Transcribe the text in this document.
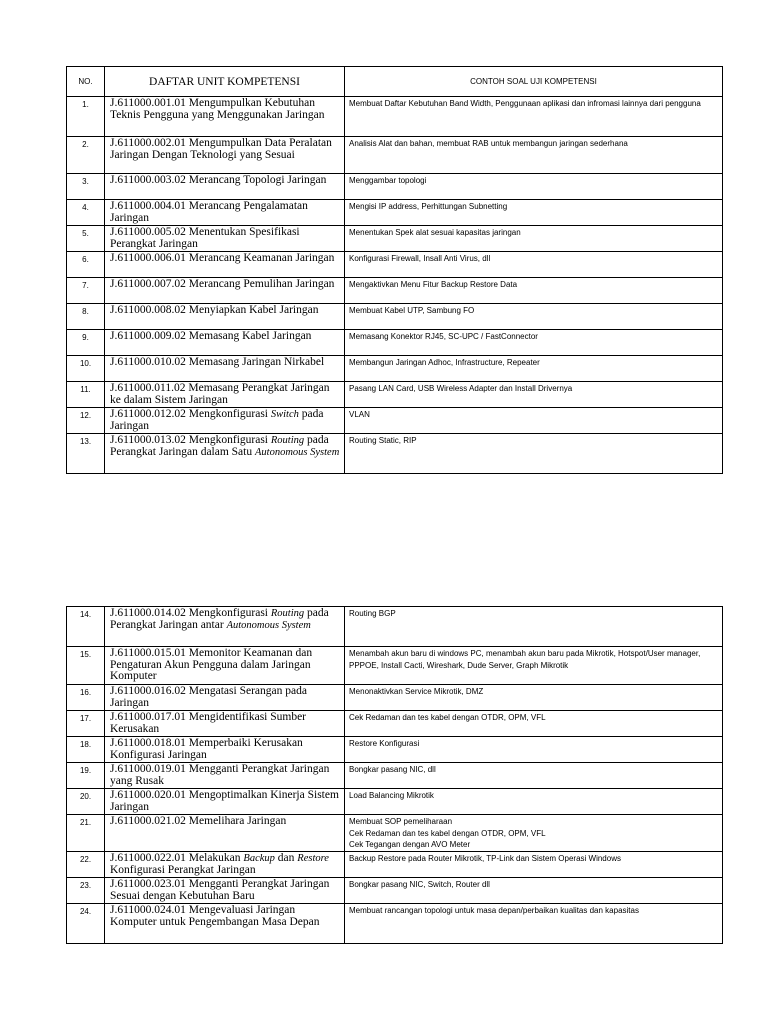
NO.	DAFTAR UNIT KOMPETENSI	CONTOH SOAL UJI KOMPETENSI
1.	J.611000.001.01 Mengumpulkan Kebutuhan Teknis Pengguna yang Menggunakan Jaringan	Membuat Daftar Kebutuhan Band Width, Penggunaan aplikasi dan infromasi lainnya dari pengguna
2.	J.611000.002.01 Mengumpulkan Data Peralatan Jaringan Dengan Teknologi yang Sesuai	Analisis Alat dan bahan, membuat RAB untuk membangun jaringan sederhana
3.	J.611000.003.02 Merancang Topologi Jaringan	Menggambar topologi
4.	J.611000.004.01 Merancang Pengalamatan Jaringan	Mengisi IP address, Perhittungan Subnetting
5.	J.611000.005.02 Menentukan Spesifikasi Perangkat Jaringan	Menentukan Spek alat sesuai kapasitas jaringan
6.	J.611000.006.01 Merancang Keamanan Jaringan	Konfigurasi Firewall, Insall Anti Virus, dll
7.	J.611000.007.02 Merancang Pemulihan Jaringan	Mengaktivkan Menu Fitur Backup Restore Data
8.	J.611000.008.02 Menyiapkan Kabel Jaringan	Membuat Kabel UTP, Sambung FO
9.	J.611000.009.02 Memasang Kabel Jaringan	Memasang Konektor RJ45, SC-UPC / FastConnector
10.	J.611000.010.02 Memasang Jaringan Nirkabel	Membangun Jaringan Adhoc, Infrastructure, Repeater
11.	J.611000.011.02 Memasang Perangkat Jaringan ke dalam Sistem Jaringan	Pasang LAN Card, USB Wireless Adapter dan Install Drivernya
12.	J.611000.012.02 Mengkonfigurasi Switch pada Jaringan	VLAN
13.	J.611000.013.02 Mengkonfigurasi Routing pada Perangkat Jaringan dalam Satu Autonomous System	Routing Static, RIP
14.	J.611000.014.02 Mengkonfigurasi Routing pada Perangkat Jaringan antar Autonomous System	Routing BGP
15.	J.611000.015.01 Memonitor Keamanan dan Pengaturan Akun Pengguna dalam Jaringan Komputer	Menambah akun baru di windows PC, menambah akun baru pada Mikrotik, Hotspot/User manager, PPPOE, Install Cacti, Wireshark, Dude Server, Graph Mikrotik
16.	J.611000.016.02 Mengatasi Serangan pada Jaringan	Menonaktivkan Service Mikrotik, DMZ
17.	J.611000.017.01 Mengidentifikasi Sumber Kerusakan	Cek Redaman dan tes kabel dengan OTDR, OPM, VFL
18.	J.611000.018.01 Memperbaiki Kerusakan Konfigurasi Jaringan	Restore Konfigurasi
19.	J.611000.019.01 Mengganti Perangkat Jaringan yang Rusak	Bongkar pasang NIC, dll
20.	J.611000.020.01 Mengoptimalkan Kinerja Sistem Jaringan	Load Balancing Mikrotik
21.	J.611000.021.02 Memelihara Jaringan	Membuat SOP pemeliharaan
Cek Redaman dan tes kabel dengan OTDR, OPM, VFL
Cek Tegangan dengan AVO Meter

22.	J.611000.022.01 Melakukan Backup dan Restore Konfigurasi Perangkat Jaringan	Backup Restore pada Router Mikrotik, TP-Link dan Sistem Operasi Windows
23.	J.611000.023.01 Mengganti Perangkat Jaringan Sesuai dengan Kebutuhan Baru	Bongkar pasang NIC, Switch, Router dll
24.	J.611000.024.01 Mengevaluasi Jaringan Komputer untuk Pengembangan Masa Depan	Membuat rancangan topologi untuk masa depan/perbaikan kualitas dan kapasitas
